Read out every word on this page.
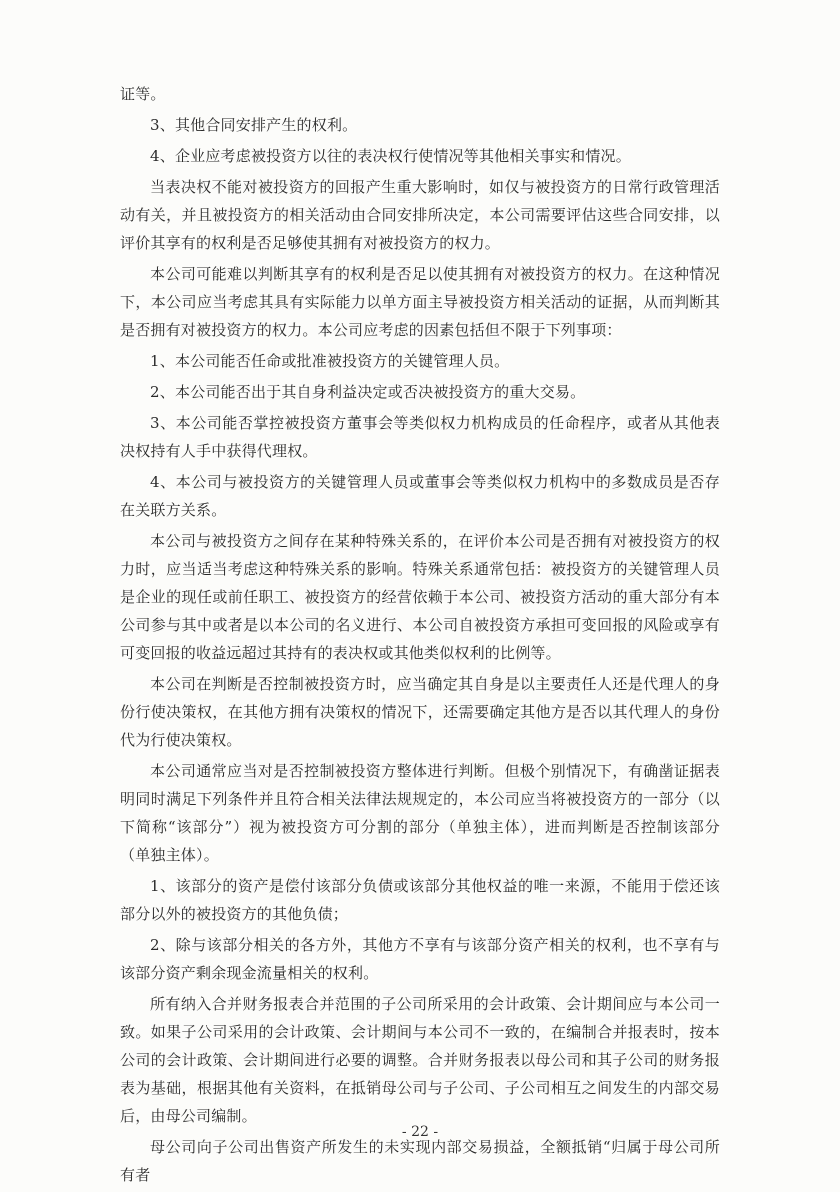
证等。

3、其他合同安排产生的权利。

4、企业应考虑被投资方以往的表决权行使情况等其他相关事实和情况。

当表决权不能对被投资方的回报产生重大影响时，如仅与被投资方的日常行政管理活动有关，并且被投资方的相关活动由合同安排所决定，本公司需要评估这些合同安排，以评价其享有的权利是否足够使其拥有对被投资方的权力。

本公司可能难以判断其享有的权利是否足以使其拥有对被投资方的权力。在这种情况下，本公司应当考虑其具有实际能力以单方面主导被投资方相关活动的证据，从而判断其是否拥有对被投资方的权力。本公司应考虑的因素包括但不限于下列事项：

1、本公司能否任命或批准被投资方的关键管理人员。

2、本公司能否出于其自身利益决定或否决被投资方的重大交易。

3、本公司能否掌控被投资方董事会等类似权力机构成员的任命程序，或者从其他表决权持有人手中获得代理权。

4、本公司与被投资方的关键管理人员或董事会等类似权力机构中的多数成员是否存在关联方关系。

本公司与被投资方之间存在某种特殊关系的，在评价本公司是否拥有对被投资方的权力时，应当适当考虑这种特殊关系的影响。特殊关系通常包括：被投资方的关键管理人员是企业的现任或前任职工、被投资方的经营依赖于本公司、被投资方活动的重大部分有本公司参与其中或者是以本公司的名义进行、本公司自被投资方承担可变回报的风险或享有可变回报的收益远超过其持有的表决权或其他类似权利的比例等。

本公司在判断是否控制被投资方时，应当确定其自身是以主要责任人还是代理人的身份行使决策权，在其他方拥有决策权的情况下，还需要确定其他方是否以其代理人的身份代为行使决策权。

本公司通常应当对是否控制被投资方整体进行判断。但极个别情况下，有确凿证据表明同时满足下列条件并且符合相关法律法规规定的，本公司应当将被投资方的一部分（以下简称“该部分”）视为被投资方可分割的部分（单独主体），进而判断是否控制该部分（单独主体）。

1、该部分的资产是偿付该部分负债或该部分其他权益的唯一来源，不能用于偿还该部分以外的被投资方的其他负债；

2、除与该部分相关的各方外，其他方不享有与该部分资产相关的权利，也不享有与该部分资产剩余现金流量相关的权利。

所有纳入合并财务报表合并范围的子公司所采用的会计政策、会计期间应与本公司一致。如果子公司采用的会计政策、会计期间与本公司不一致的，在编制合并报表时，按本公司的会计政策、会计期间进行必要的调整。合并财务报表以母公司和其子公司的财务报表为基础，根据其他有关资料，在抵销母公司与子公司、子公司相互之间发生的内部交易后，由母公司编制。

母公司向子公司出售资产所发生的未实现内部交易损益，全额抵销“归属于母公司所有者

- 22 -
